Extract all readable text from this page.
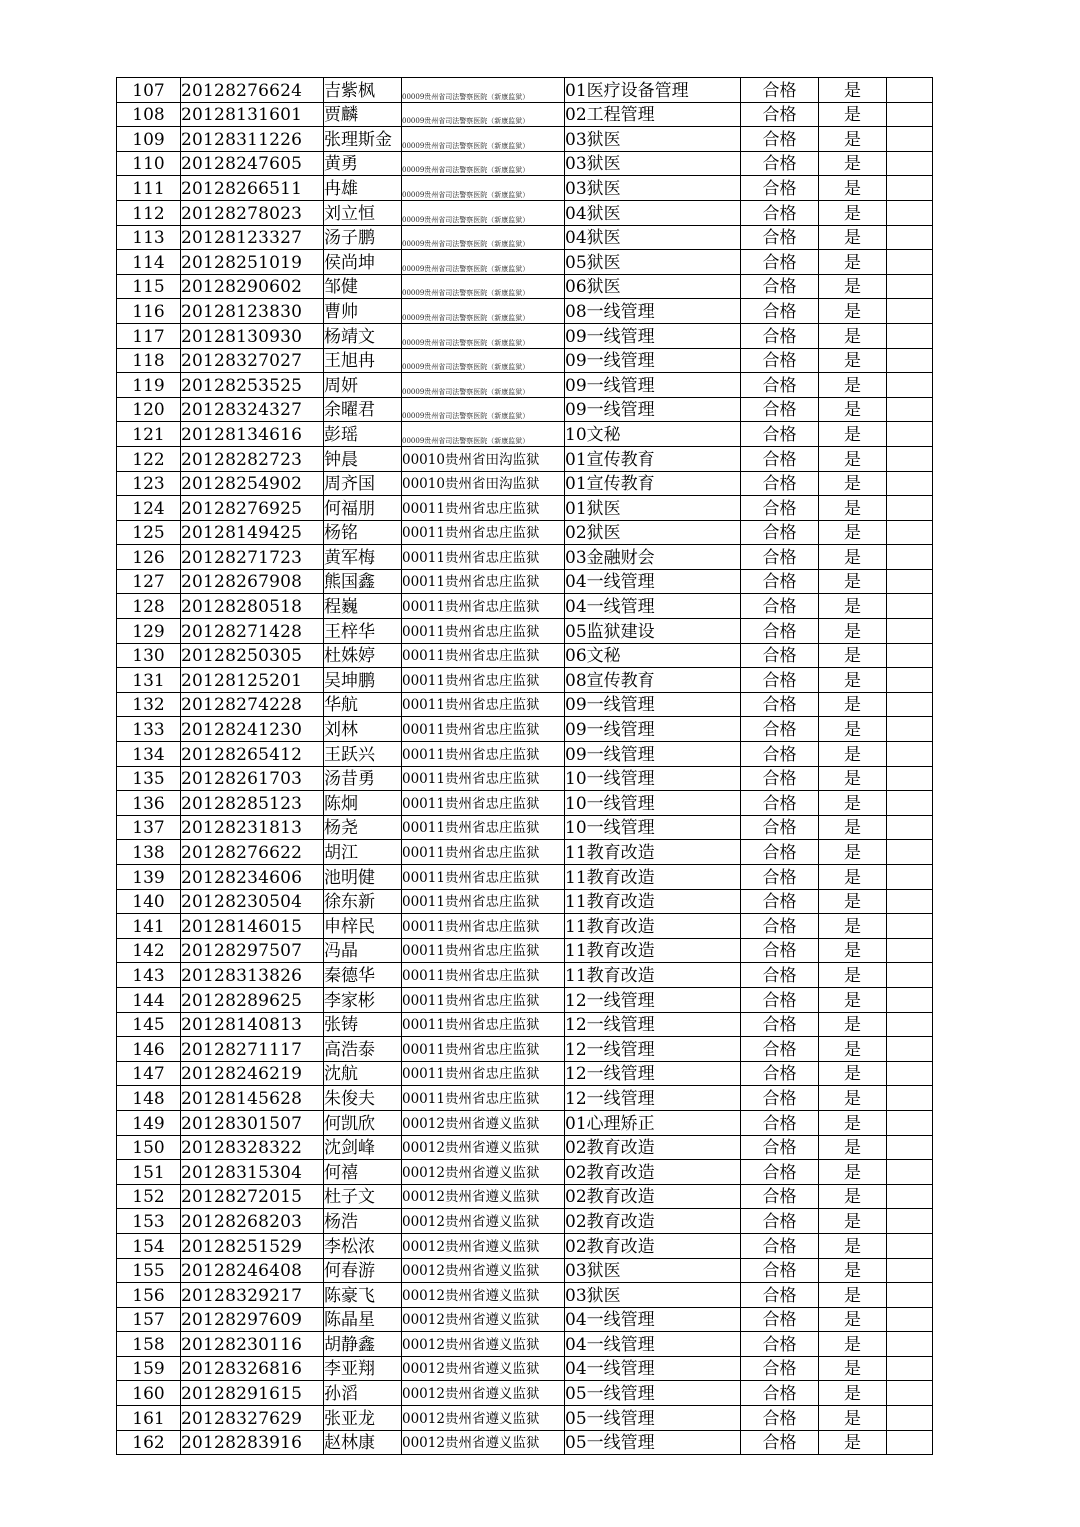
107	20128276624	吉紫枫	00009贵州省司法警察医院（新康监狱）	01医疗设备管理	合格	是	
108	20128131601	贾麟	00009贵州省司法警察医院（新康监狱）	02工程管理	合格	是	
109	20128311226	张理斯金	00009贵州省司法警察医院（新康监狱）	03狱医	合格	是	
110	20128247605	黄勇	00009贵州省司法警察医院（新康监狱）	03狱医	合格	是	
111	20128266511	冉雄	00009贵州省司法警察医院（新康监狱）	03狱医	合格	是	
112	20128278023	刘立恒	00009贵州省司法警察医院（新康监狱）	04狱医	合格	是	
113	20128123327	汤子鹏	00009贵州省司法警察医院（新康监狱）	04狱医	合格	是	
114	20128251019	侯尚坤	00009贵州省司法警察医院（新康监狱）	05狱医	合格	是	
115	20128290602	邹健	00009贵州省司法警察医院（新康监狱）	06狱医	合格	是	
116	20128123830	曹帅	00009贵州省司法警察医院（新康监狱）	08一线管理	合格	是	
117	20128130930	杨靖文	00009贵州省司法警察医院（新康监狱）	09一线管理	合格	是	
118	20128327027	王旭冉	00009贵州省司法警察医院（新康监狱）	09一线管理	合格	是	
119	20128253525	周妍	00009贵州省司法警察医院（新康监狱）	09一线管理	合格	是	
120	20128324327	余曜君	00009贵州省司法警察医院（新康监狱）	09一线管理	合格	是	
121	20128134616	彭瑶	00009贵州省司法警察医院（新康监狱）	10文秘	合格	是	
122	20128282723	钟晨	00010贵州省田沟监狱	01宣传教育	合格	是	
123	20128254902	周齐国	00010贵州省田沟监狱	01宣传教育	合格	是	
124	20128276925	何福朋	00011贵州省忠庄监狱	01狱医	合格	是	
125	20128149425	杨铭	00011贵州省忠庄监狱	02狱医	合格	是	
126	20128271723	黄军梅	00011贵州省忠庄监狱	03金融财会	合格	是	
127	20128267908	熊国鑫	00011贵州省忠庄监狱	04一线管理	合格	是	
128	20128280518	程巍	00011贵州省忠庄监狱	04一线管理	合格	是	
129	20128271428	王梓华	00011贵州省忠庄监狱	05监狱建设	合格	是	
130	20128250305	杜姝婷	00011贵州省忠庄监狱	06文秘	合格	是	
131	20128125201	吴坤鹏	00011贵州省忠庄监狱	08宣传教育	合格	是	
132	20128274228	华航	00011贵州省忠庄监狱	09一线管理	合格	是	
133	20128241230	刘林	00011贵州省忠庄监狱	09一线管理	合格	是	
134	20128265412	王跃兴	00011贵州省忠庄监狱	09一线管理	合格	是	
135	20128261703	汤昔勇	00011贵州省忠庄监狱	10一线管理	合格	是	
136	20128285123	陈炯	00011贵州省忠庄监狱	10一线管理	合格	是	
137	20128231813	杨尧	00011贵州省忠庄监狱	10一线管理	合格	是	
138	20128276622	胡江	00011贵州省忠庄监狱	11教育改造	合格	是	
139	20128234606	池明健	00011贵州省忠庄监狱	11教育改造	合格	是	
140	20128230504	徐东新	00011贵州省忠庄监狱	11教育改造	合格	是	
141	20128146015	申梓民	00011贵州省忠庄监狱	11教育改造	合格	是	
142	20128297507	冯晶	00011贵州省忠庄监狱	11教育改造	合格	是	
143	20128313826	秦德华	00011贵州省忠庄监狱	11教育改造	合格	是	
144	20128289625	李家彬	00011贵州省忠庄监狱	12一线管理	合格	是	
145	20128140813	张铸	00011贵州省忠庄监狱	12一线管理	合格	是	
146	20128271117	高浩泰	00011贵州省忠庄监狱	12一线管理	合格	是	
147	20128246219	沈航	00011贵州省忠庄监狱	12一线管理	合格	是	
148	20128145628	朱俊夫	00011贵州省忠庄监狱	12一线管理	合格	是	
149	20128301507	何凯欣	00012贵州省遵义监狱	01心理矫正	合格	是	
150	20128328322	沈剑峰	00012贵州省遵义监狱	02教育改造	合格	是	
151	20128315304	何禧	00012贵州省遵义监狱	02教育改造	合格	是	
152	20128272015	杜子文	00012贵州省遵义监狱	02教育改造	合格	是	
153	20128268203	杨浩	00012贵州省遵义监狱	02教育改造	合格	是	
154	20128251529	李松浓	00012贵州省遵义监狱	02教育改造	合格	是	
155	20128246408	何春游	00012贵州省遵义监狱	03狱医	合格	是	
156	20128329217	陈豪飞	00012贵州省遵义监狱	03狱医	合格	是	
157	20128297609	陈晶星	00012贵州省遵义监狱	04一线管理	合格	是	
158	20128230116	胡静鑫	00012贵州省遵义监狱	04一线管理	合格	是	
159	20128326816	李亚翔	00012贵州省遵义监狱	04一线管理	合格	是	
160	20128291615	孙滔	00012贵州省遵义监狱	05一线管理	合格	是	
161	20128327629	张亚龙	00012贵州省遵义监狱	05一线管理	合格	是	
162	20128283916	赵林康	00012贵州省遵义监狱	05一线管理	合格	是	
